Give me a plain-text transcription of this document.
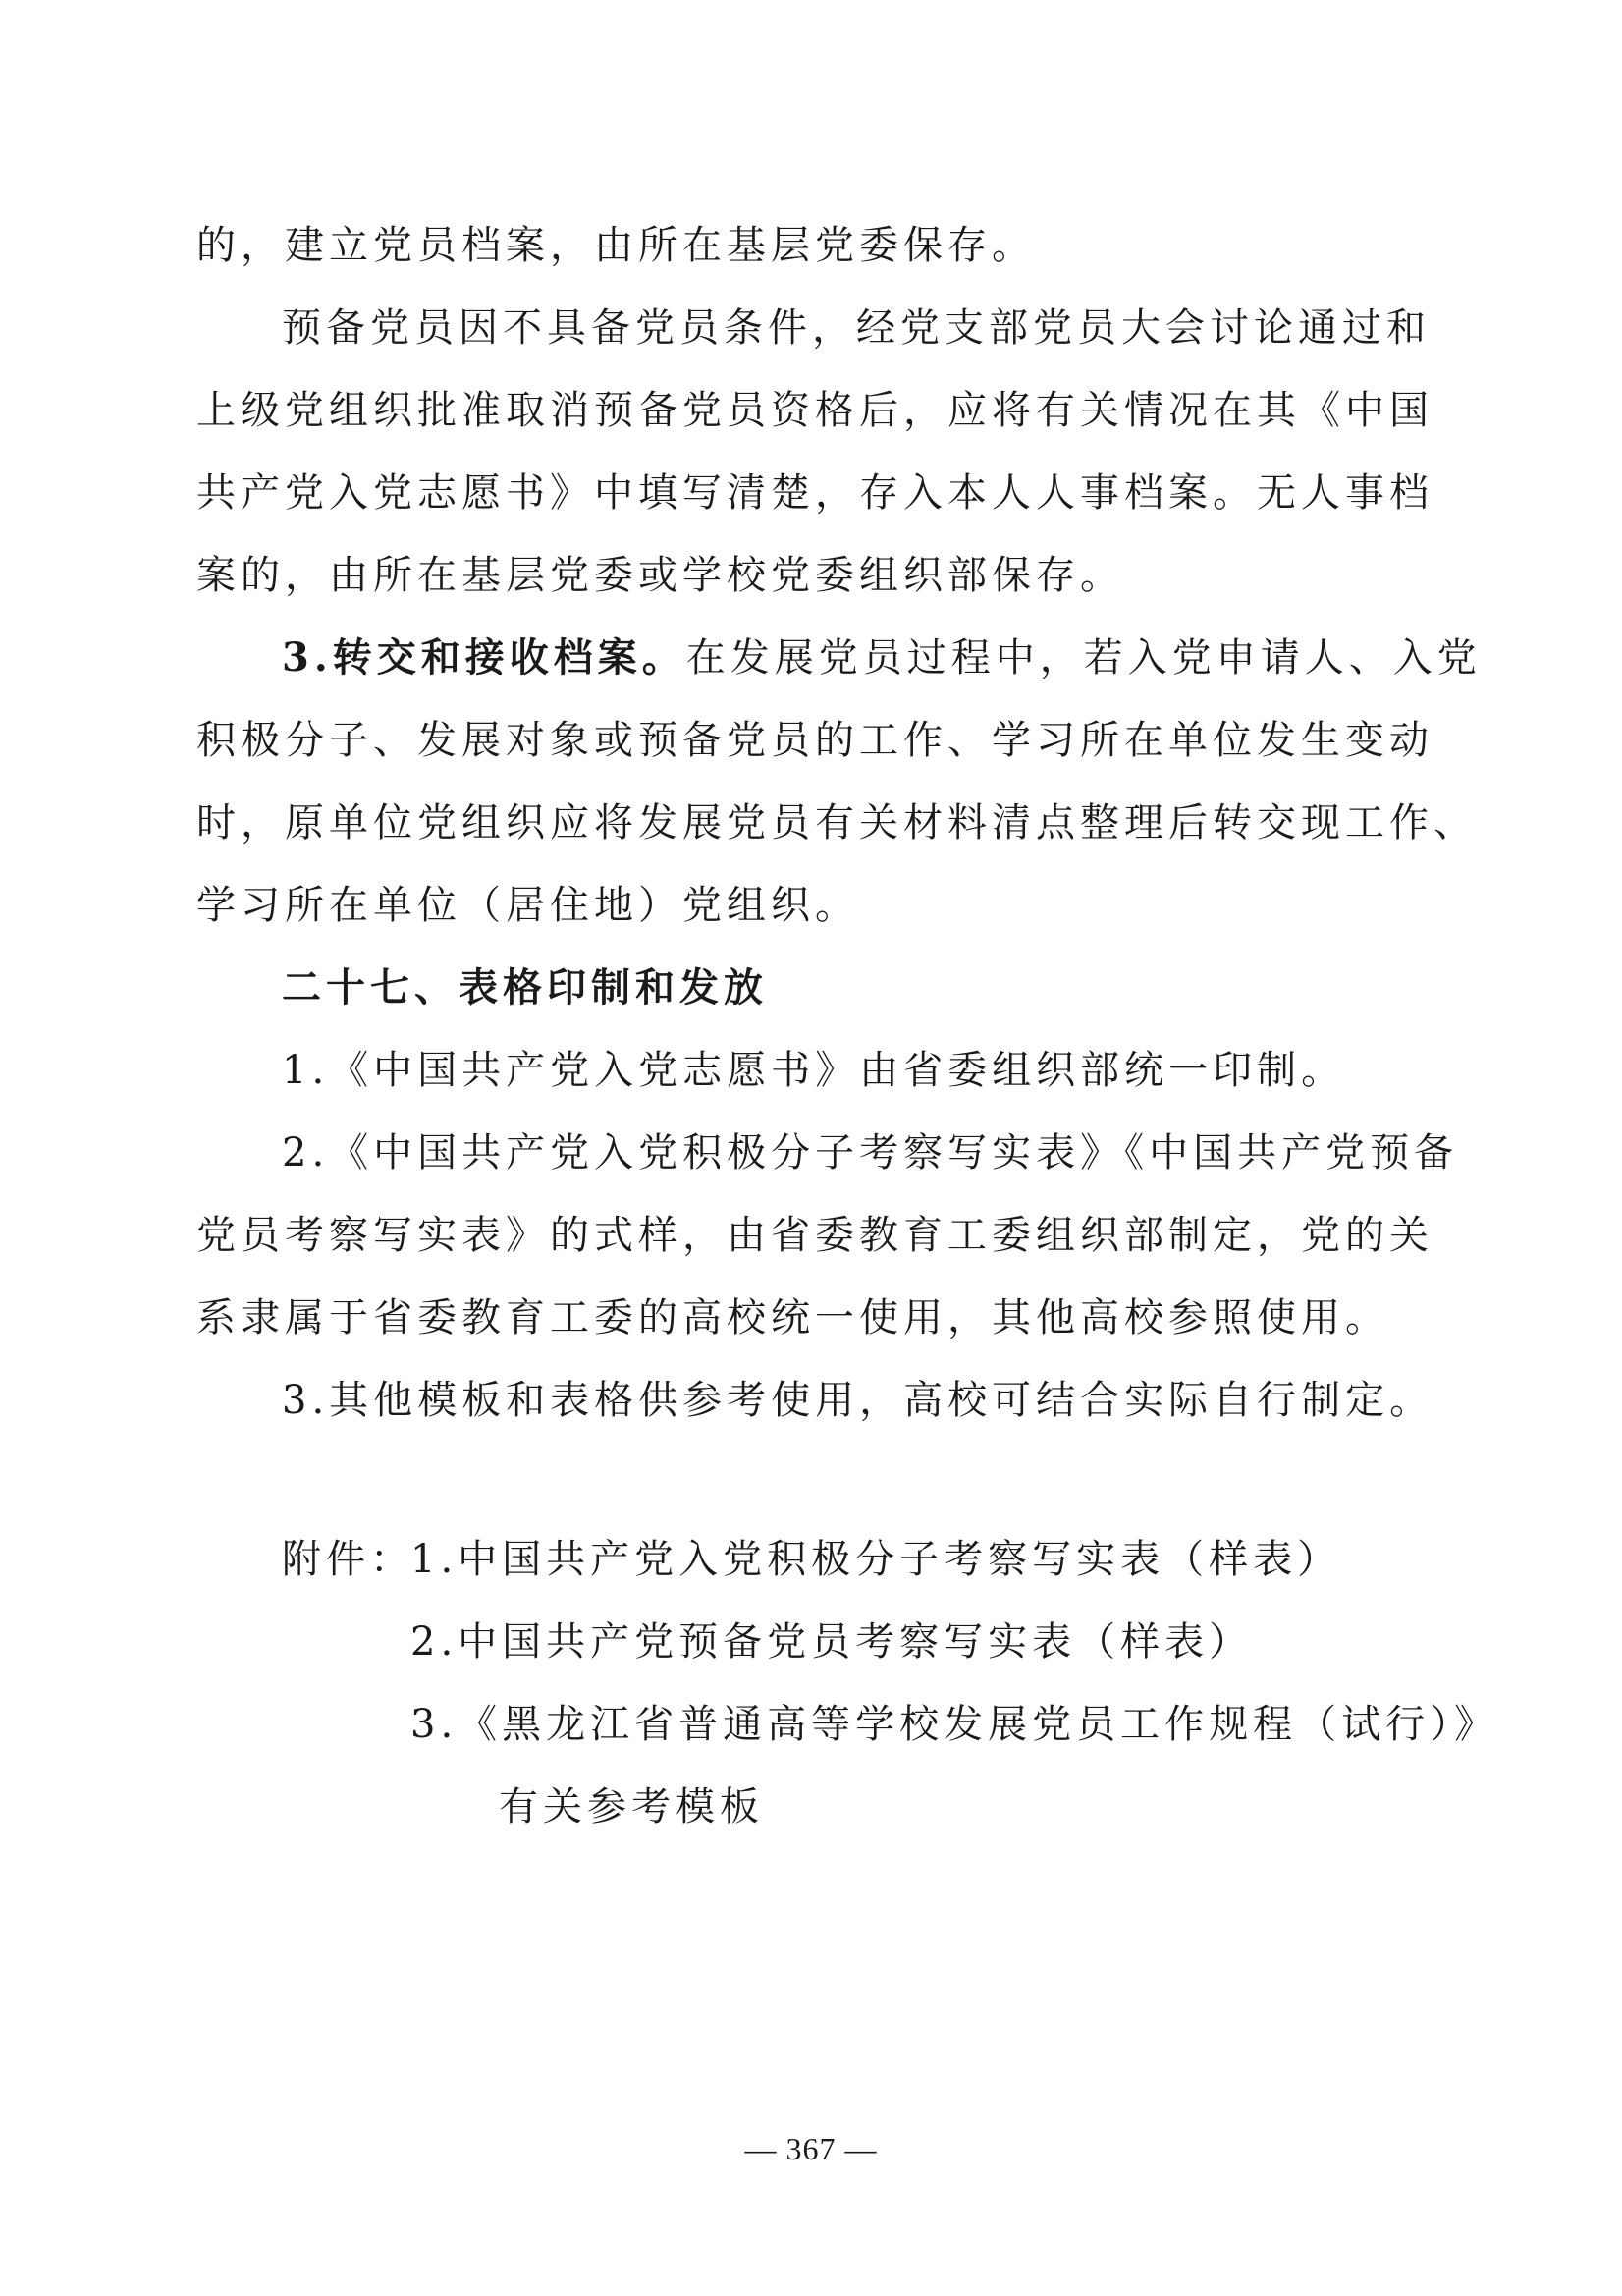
的，建立党员档案，由所在基层党委保存。
预备党员因不具备党员条件，经党支部党员大会讨论通过和
上级党组织批准取消预备党员资格后，应将有关情况在其《中国
共产党入党志愿书》中填写清楚，存入本人人事档案。无人事档
案的，由所在基层党委或学校党委组织部保存。
3.转交和接收档案。在发展党员过程中，若入党申请人、入党
积极分子、发展对象或预备党员的工作、学习所在单位发生变动
时，原单位党组织应将发展党员有关材料清点整理后转交现工作、
学习所在单位（居住地）党组织。
二十七、表格印制和发放
1.《中国共产党入党志愿书》由省委组织部统一印制。
2.《中国共产党入党积极分子考察写实表》《中国共产党预备
党员考察写实表》的式样，由省委教育工委组织部制定，党的关
系隶属于省委教育工委的高校统一使用，其他高校参照使用。
3.其他模板和表格供参考使用，高校可结合实际自行制定。
附件：
1.中国共产党入党积极分子考察写实表（样表）
2.中国共产党预备党员考察写实表（样表）
3.《黑龙江省普通高等学校发展党员工作规程（试行）》
有关参考模板
— 367 —
